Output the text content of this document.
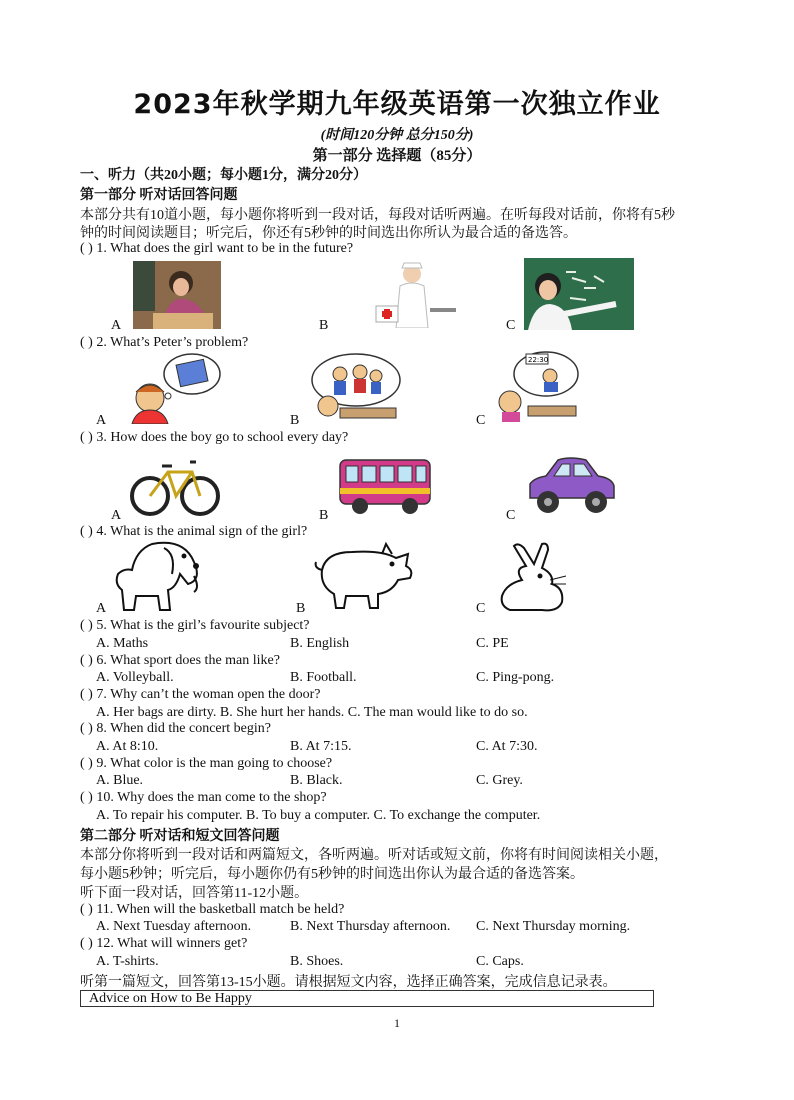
2023年秋学期九年级英语第一次独立作业
(时间120分钟 总分150分)
第一部分 选择题（85分）
一、听力（共20小题；每小题1分，满分20分）
第一部分 听对话回答问题
本部分共有10道小题，每小题你将听到一段对话，每段对话听两遍。在听每段对话前，你将有5秒
钟的时间阅读题目；听完后，你还有5秒钟的时间选出你所认为最合适的备选答。
( ) 1. What does the girl want to be in the future?
A	B	C
( ) 2. What’s Peter’s problem?
22:30
A	B	C
( ) 3. How does the boy go to school every day?
A	B	C
( ) 4. What is the animal sign of the girl?
A	B	C
( ) 5. What is the girl’s favourite subject?
A. Maths	B. English	C. PE
( ) 6. What sport does the man like?
A. Volleyball.	B. Football.	C. Ping-pong.
( ) 7. Why can’t the woman open the door?
A. Her bags are dirty. B. She hurt her hands. C. The man would like to do so.
( ) 8. When did the concert begin?
A. At 8:10.	B. At 7:15.	C. At 7:30.
( ) 9. What color is the man going to choose?
A. Blue.	B. Black.	C. Grey.
( ) 10. Why does the man come to the shop?
A. To repair his computer. B. To buy a computer. C. To exchange the computer.
第二部分 听对话和短文回答问题
本部分你将听到一段对话和两篇短文，各听两遍。听对话或短文前，你将有时间阅读相关小题，
每小题5秒钟；听完后，每小题你仍有5秒钟的时间选出你认为最合适的备选答案。
听下面一段对话，回答第11-12小题。
( ) 11. When will the basketball match be held?
A. Next Tuesday afternoon.	B. Next Thursday afternoon. C. Next Thursday morning.
( ) 12. What will winners get?
A. T-shirts.	B. Shoes.	C. Caps.
听第一篇短文，回答第13-15小题。请根据短文内容，选择正确答案，完成信息记录表。
Advice on How to Be Happy
1
